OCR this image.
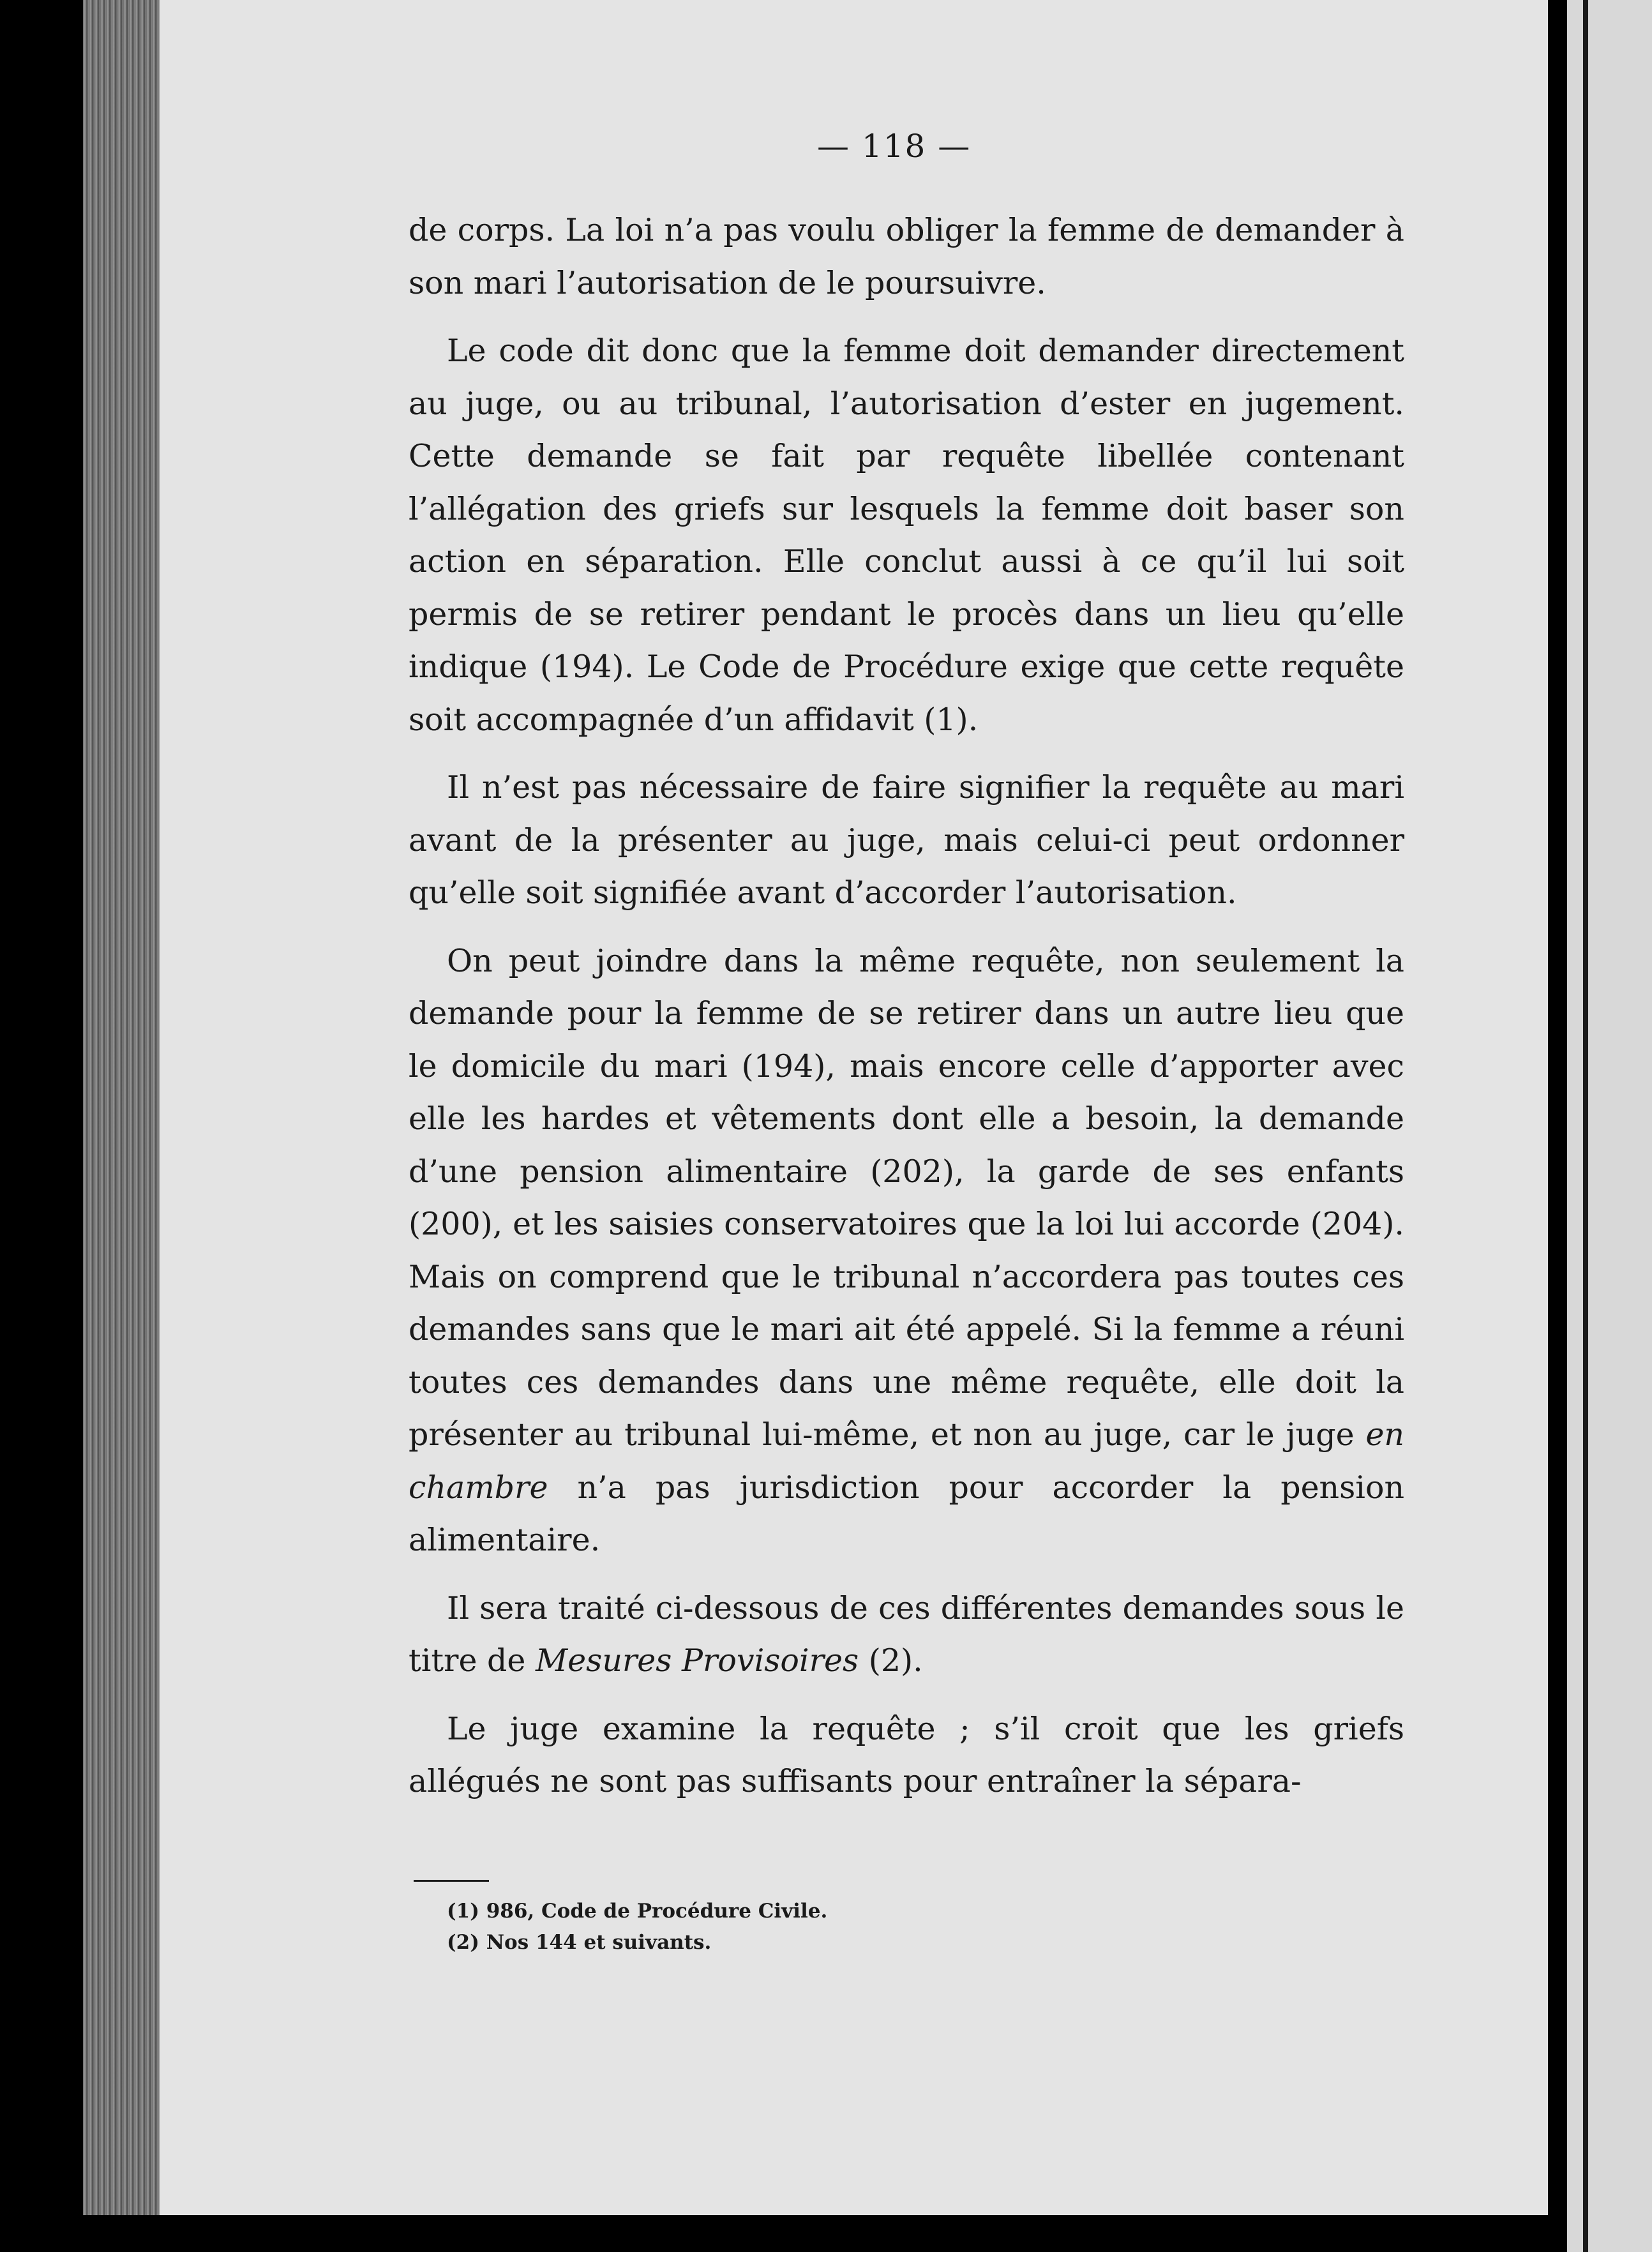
— 118 —

de corps. La loi n’a pas voulu obliger la femme de demander à son mari l’autorisation de le poursuivre.

Le code dit donc que la femme doit demander directement au juge, ou au tribunal, l’autorisation d’ester en jugement. Cette demande se fait par requête libellée contenant l’allégation des griefs sur lesquels la femme doit baser son action en séparation. Elle conclut aussi à ce qu’il lui soit permis de se retirer pendant le procès dans un lieu qu’elle indique (194). Le Code de Procédure exige que cette requête soit accompagnée d’un affidavit (1).

Il n’est pas nécessaire de faire signifier la requête au mari avant de la présenter au juge, mais celui-ci peut ordonner qu’elle soit signifiée avant d’accorder l’autorisation.

On peut joindre dans la même requête, non seulement la demande pour la femme de se retirer dans un autre lieu que le domicile du mari (194), mais encore celle d’apporter avec elle les hardes et vêtements dont elle a besoin, la demande d’une pension alimentaire (202), la garde de ses enfants (200), et les saisies conservatoires que la loi lui accorde (204). Mais on comprend que le tribunal n’accordera pas toutes ces demandes sans que le mari ait été appelé. Si la femme a réuni toutes ces demandes dans une même requête, elle doit la présenter au tribunal lui-même, et non au juge, car le juge en chambre n’a pas jurisdiction pour accorder la pension alimentaire.

Il sera traité ci-dessous de ces différentes demandes sous le titre de Mesures Provisoires (2).

Le juge examine la requête ; s’il croit que les griefs allégués ne sont pas suffisants pour entraîner la sépara-

(1) 986, Code de Procédure Civile.
(2) Nos 144 et suivants.
